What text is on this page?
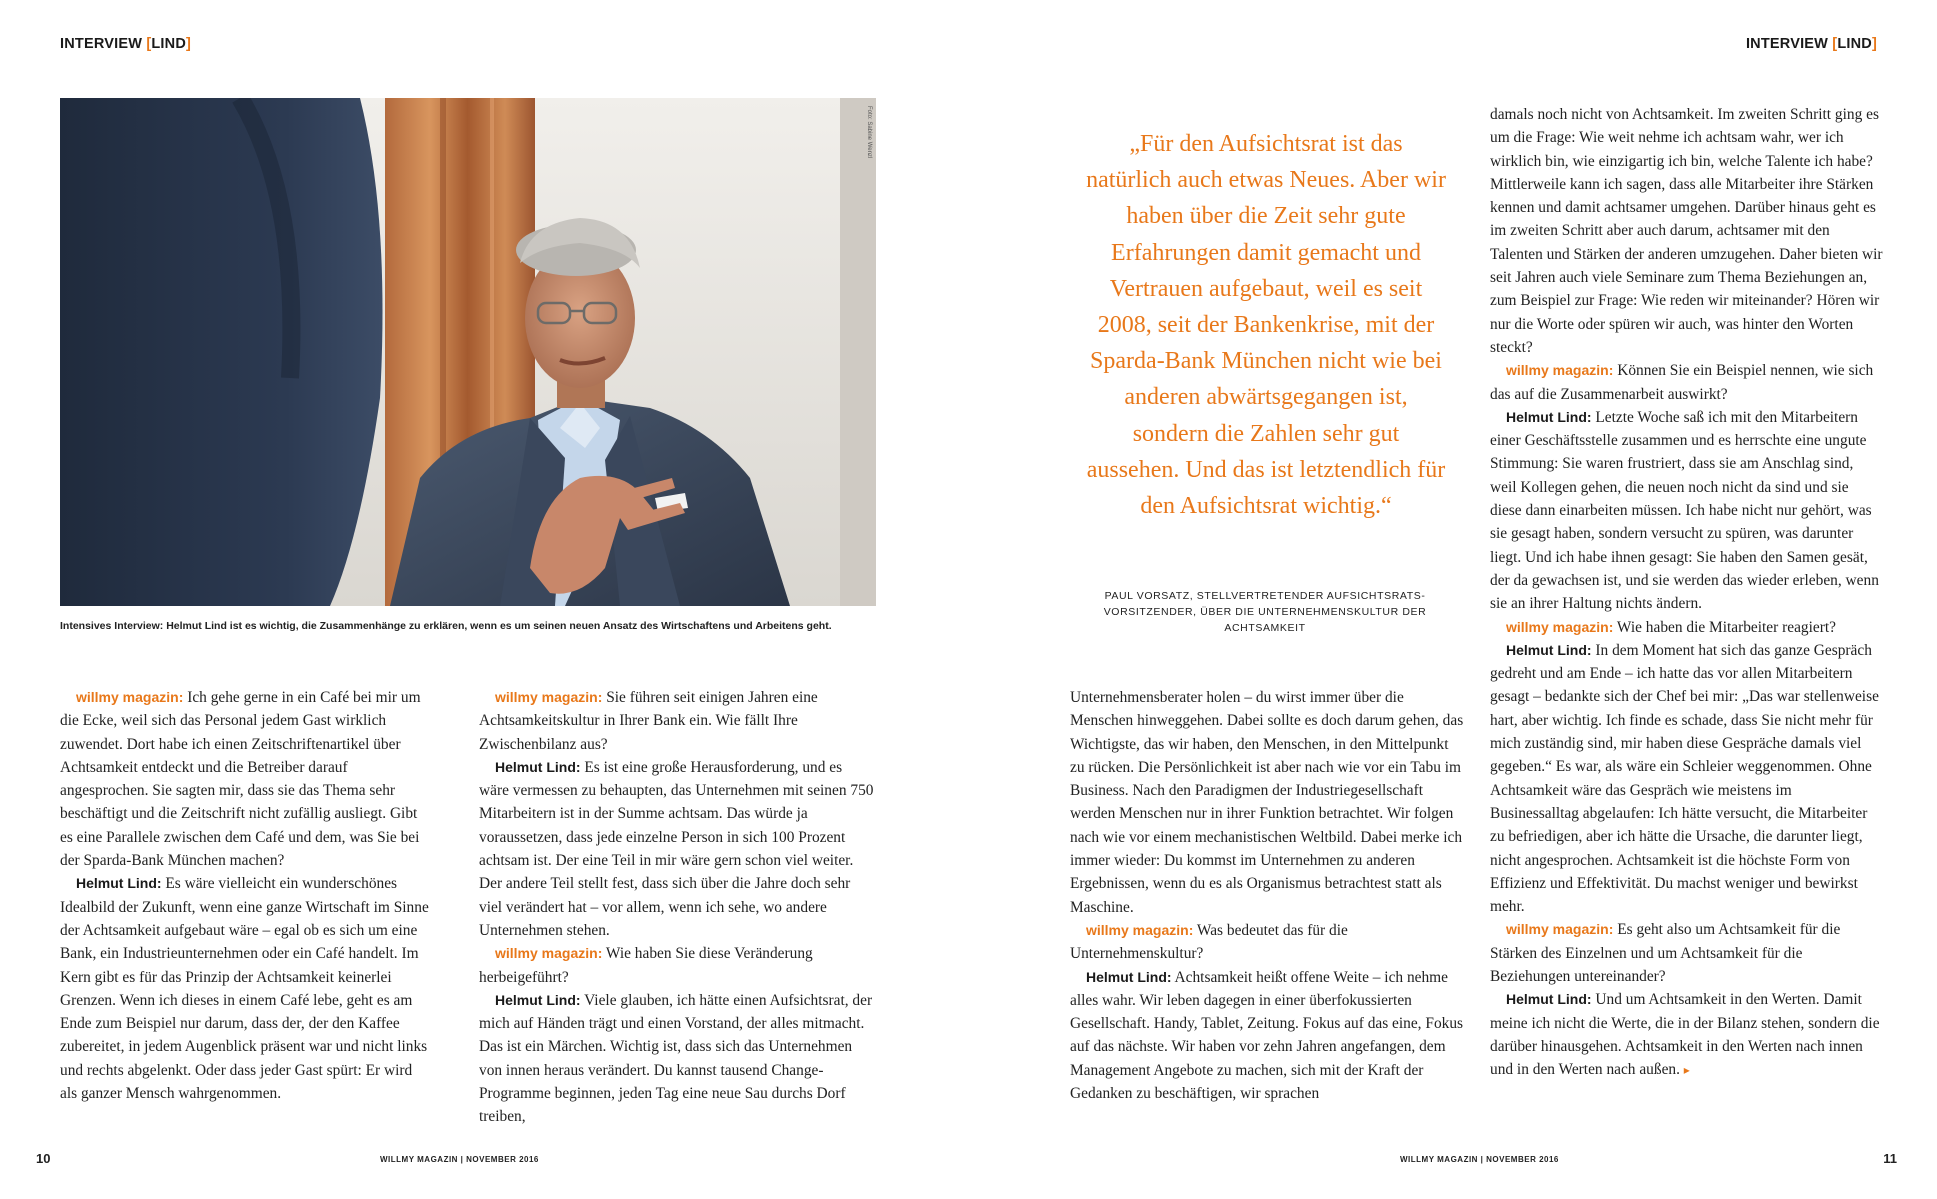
INTERVIEW [LIND]	INTERVIEW [LIND]
Foto: Sabine Wenzl
Intensives Interview: Helmut Lind ist es wichtig, die Zusammenhänge zu erklären, wenn es um seinen neuen Ansatz des Wirtschaftens und Arbeitens geht.

willmy magazin: Ich gehe gerne in ein Café bei mir um die Ecke, weil sich das Personal jedem Gast wirklich zuwendet. Dort habe ich einen Zeitschriftenartikel über Achtsamkeit entdeckt und die Betreiber darauf angesprochen. Sie sagten mir, dass sie das Thema sehr beschäftigt und die Zeitschrift nicht zufällig ausliegt. Gibt es eine Parallele zwischen dem Café und dem, was Sie bei der Sparda-Bank München machen?

Helmut Lind: Es wäre vielleicht ein wunderschönes Idealbild der Zukunft, wenn eine ganze Wirtschaft im Sinne der Achtsamkeit aufgebaut wäre – egal ob es sich um eine Bank, ein Industrieunternehmen oder ein Café handelt. Im Kern gibt es für das Prinzip der Achtsamkeit keinerlei Grenzen. Wenn ich dieses in einem Café lebe, geht es am Ende zum Beispiel nur darum, dass der, der den Kaffee zubereitet, in jedem Augenblick präsent war und nicht links und rechts abgelenkt. Oder dass jeder Gast spürt: Er wird als ganzer Mensch wahrgenommen.

willmy magazin: Sie führen seit einigen Jahren eine Achtsamkeitskultur in Ihrer Bank ein. Wie fällt Ihre Zwischenbilanz aus?

Helmut Lind: Es ist eine große Herausforderung, und es wäre vermessen zu behaupten, das Unternehmen mit seinen 750 Mitarbeitern ist in der Summe achtsam. Das würde ja voraussetzen, dass jede einzelne Person in sich 100 Prozent achtsam ist. Der eine Teil in mir wäre gern schon viel weiter. Der andere Teil stellt fest, dass sich über die Jahre doch sehr viel verändert hat – vor allem, wenn ich sehe, wo andere Unternehmen stehen.

willmy magazin: Wie haben Sie diese Veränderung herbeigeführt?

Helmut Lind: Viele glauben, ich hätte einen Aufsichtsrat, der mich auf Händen trägt und einen Vorstand, der alles mitmacht. Das ist ein Märchen. Wichtig ist, dass sich das Unternehmen von innen heraus verändert. Du kannst tausend Change-Programme beginnen, jeden Tag eine neue Sau durchs Dorf treiben,

Unternehmensberater holen – du wirst immer über die Menschen hinweggehen. Dabei sollte es doch darum gehen, das Wichtigste, das wir haben, den Menschen, in den Mittelpunkt zu rücken. Die Persönlichkeit ist aber nach wie vor ein Tabu im Business. Nach den Paradigmen der Industriegesellschaft werden Menschen nur in ihrer Funktion betrachtet. Wir folgen nach wie vor einem mechanistischen Weltbild. Dabei merke ich immer wieder: Du kommst im Unternehmen zu anderen Ergebnissen, wenn du es als Organismus betrachtest statt als Maschine.

willmy magazin: Was bedeutet das für die Unternehmenskultur?

Helmut Lind: Achtsamkeit heißt offene Weite – ich nehme alles wahr. Wir leben dagegen in einer überfokussierten Gesellschaft. Handy, Tablet, Zeitung. Fokus auf das eine, Fokus auf das nächste. Wir haben vor zehn Jahren angefangen, dem Management Angebote zu machen, sich mit der Kraft der Gedanken zu beschäftigen, wir sprachen

damals noch nicht von Achtsamkeit. Im zweiten Schritt ging es um die Frage: Wie weit nehme ich achtsam wahr, wer ich wirklich bin, wie einzigartig ich bin, welche Talente ich habe? Mittlerweile kann ich sagen, dass alle Mitarbeiter ihre Stärken kennen und damit achtsamer umgehen. Darüber hinaus geht es im zweiten Schritt aber auch darum, achtsamer mit den Talenten und Stärken der anderen umzugehen. Daher bieten wir seit Jahren auch viele Seminare zum Thema Beziehungen an, zum Beispiel zur Frage: Wie reden wir miteinander? Hören wir nur die Worte oder spüren wir auch, was hinter den Worten steckt?

willmy magazin: Können Sie ein Beispiel nennen, wie sich das auf die Zusammenarbeit auswirkt?

Helmut Lind: Letzte Woche saß ich mit den Mitarbeitern einer Geschäftsstelle zusammen und es herrschte eine ungute Stimmung: Sie waren frustriert, dass sie am Anschlag sind, weil Kollegen gehen, die neuen noch nicht da sind und sie diese dann einarbeiten müssen. Ich habe nicht nur gehört, was sie gesagt haben, sondern versucht zu spüren, was darunter liegt. Und ich habe ihnen gesagt: Sie haben den Samen gesät, der da gewachsen ist, und sie werden das wieder erleben, wenn sie an ihrer Haltung nichts ändern.

willmy magazin: Wie haben die Mitarbeiter reagiert?

Helmut Lind: In dem Moment hat sich das ganze Gespräch gedreht und am Ende – ich hatte das vor allen Mitarbeitern gesagt – bedankte sich der Chef bei mir: „Das war stellenweise hart, aber wichtig. Ich finde es schade, dass Sie nicht mehr für mich zuständig sind, mir haben diese Gespräche damals viel gegeben.“ Es war, als wäre ein Schleier weggenommen. Ohne Achtsamkeit wäre das Gespräch wie meistens im Businessalltag abgelaufen: Ich hätte versucht, die Mitarbeiter zu befriedigen, aber ich hätte die Ursache, die darunter liegt, nicht angesprochen. Achtsamkeit ist die höchste Form von Effizienz und Effektivität. Du machst weniger und bewirkst mehr.

willmy magazin: Es geht also um Achtsamkeit für die Stärken des Einzelnen und um Achtsamkeit für die Beziehungen untereinander?

Helmut Lind: Und um Achtsamkeit in den Werten. Damit meine ich nicht die Werte, die in der Bilanz stehen, sondern die darüber hinausgehen. Achtsamkeit in den Werten nach innen und in den Werten nach außen. ▸

„Für den Aufsichtsrat ist das natürlich auch etwas Neues. Aber wir haben über die Zeit sehr gute Erfahrungen damit gemacht und Vertrauen aufgebaut, weil es seit 2008, seit der Bankenkrise, mit der Sparda-Bank München nicht wie bei anderen abwärtsgegangen ist, sondern die Zahlen sehr gut aussehen. Und das ist letztendlich für den Aufsichtsrat wichtig.“
PAUL VORSATZ, STELLVERTRETENDER AUFSICHTSRATS-VORSITZENDER, ÜBER DIE UNTERNEHMENSKULTUR DER ACHTSAMKEIT
10	WILLMY MAGAZIN | NOVEMBER 2016	WILLMY MAGAZIN | NOVEMBER 2016	11
